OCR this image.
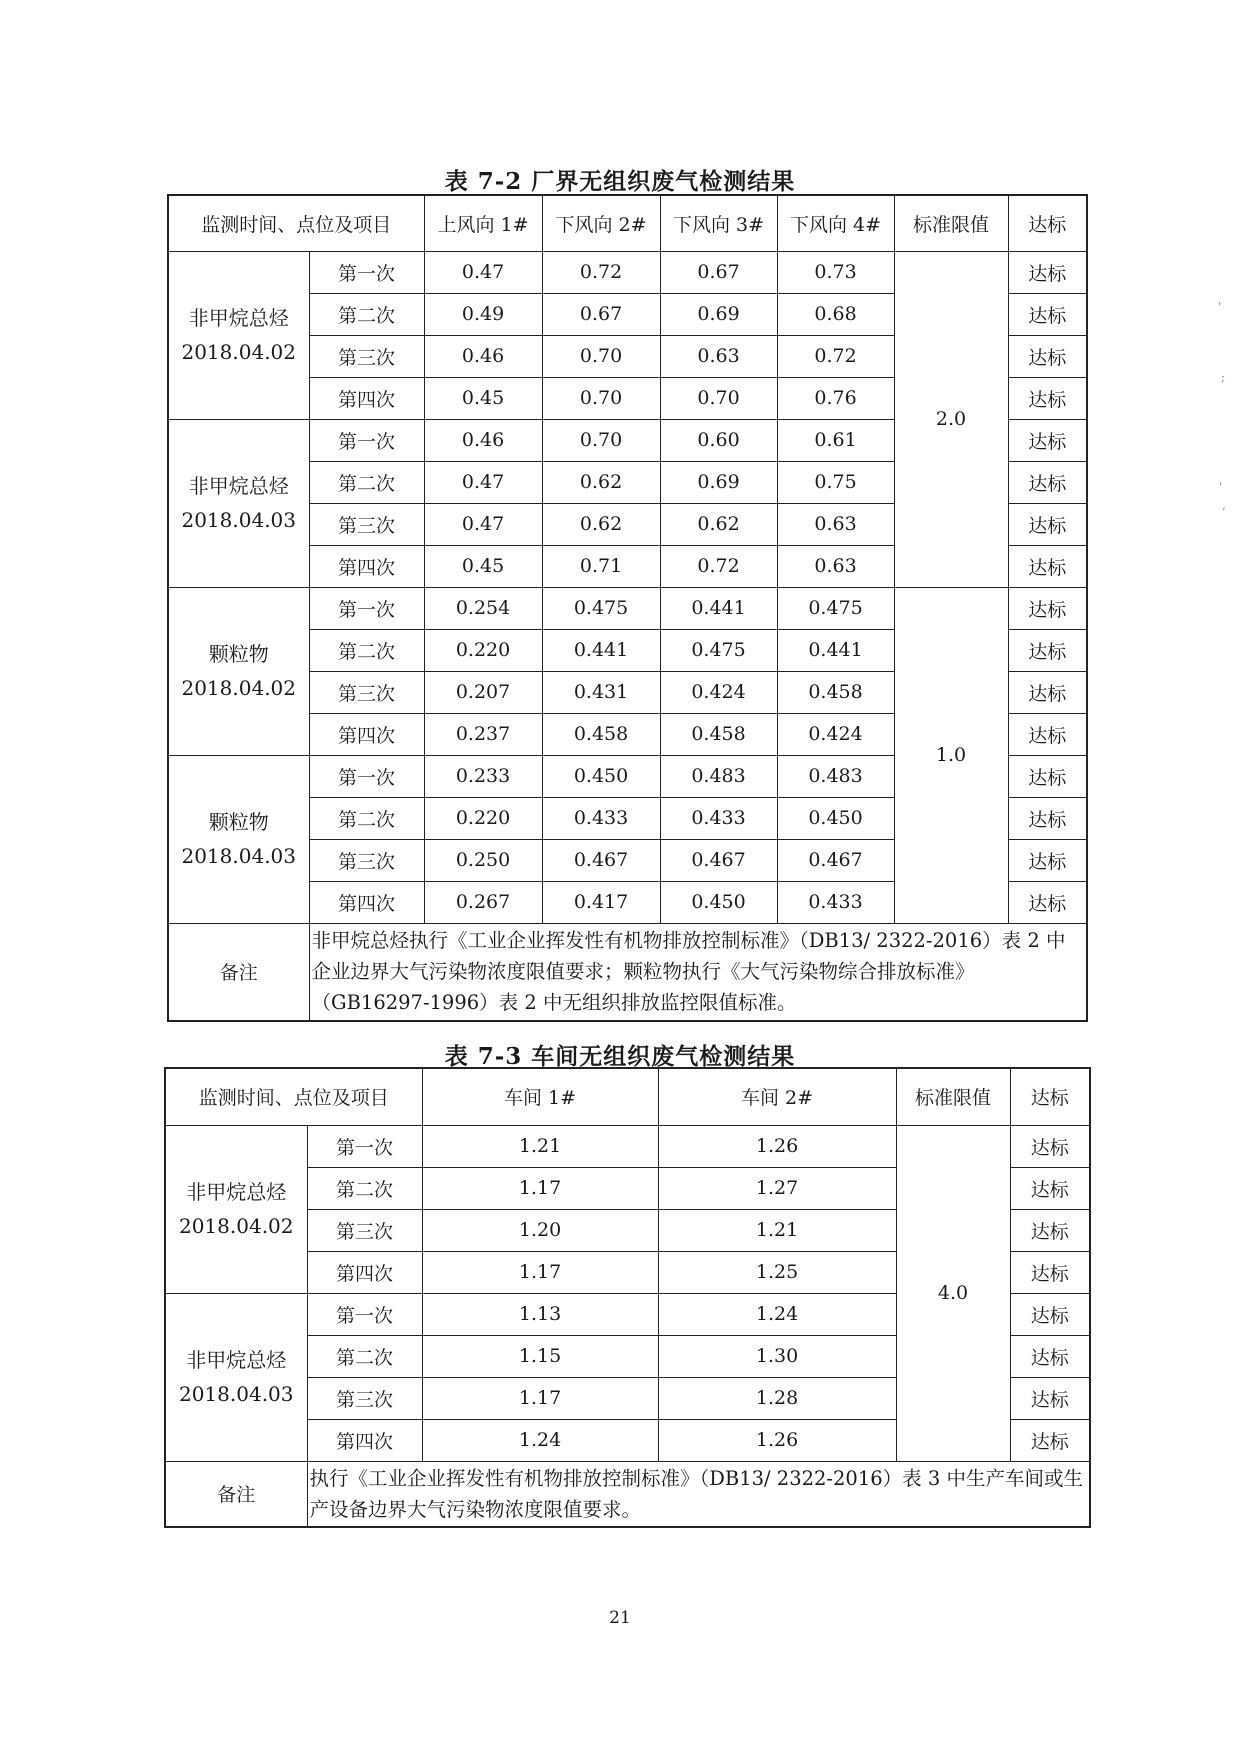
表 7-2 厂界无组织废气检测结果
监测时间、点位及项目		上风向 1#	下风向 2#	下风向 3#	下风向 4#	标准限值	达标

非甲烷总烃
2018.04.02	第一次	0.47	0.72	0.67	0.73	2.0	达标
	第二次	0.49	0.67	0.69	0.68		达标
	第三次	0.46	0.70	0.63	0.72		达标
	第四次	0.45	0.70	0.70	0.76		达标

非甲烷总烃
2018.04.03	第一次	0.46	0.70	0.60	0.61		达标
	第二次	0.47	0.62	0.69	0.75		达标
	第三次	0.47	0.62	0.62	0.63		达标
	第四次	0.45	0.71	0.72	0.63		达标

颗粒物
2018.04.02	第一次	0.254	0.475	0.441	0.475	1.0	达标
	第二次	0.220	0.441	0.475	0.441		达标
	第三次	0.207	0.431	0.424	0.458		达标
	第四次	0.237	0.458	0.458	0.424		达标

颗粒物
2018.04.03	第一次	0.233	0.450	0.483	0.483		达标
	第二次	0.220	0.433	0.433	0.450		达标
	第三次	0.250	0.467	0.467	0.467		达标
	第四次	0.267	0.417	0.450	0.433		达标
备注	非甲烷总烃执行《工业企业挥发性有机物排放控制标准》（DB13/ 2322-2016）表 2 中企业边界大气污染物浓度限值要求；颗粒物执行《大气污染物综合排放标准》（GB16297-1996）表 2 中无组织排放监控限值标准。						
表 7-3 车间无组织废气检测结果
监测时间、点位及项目		车间 1#	车间 2#	标准限值	达标

非甲烷总烃
2018.04.02	第一次	1.21	1.26	4.0	达标
	第二次	1.17	1.27		达标
	第三次	1.20	1.21		达标
	第四次	1.17	1.25		达标

非甲烷总烃
2018.04.03	第一次	1.13	1.24		达标
	第二次	1.15	1.30		达标
	第三次	1.17	1.28		达标
	第四次	1.24	1.26		达标
备注	执行《工业企业挥发性有机物排放控制标准》（DB13/ 2322-2016）表 3 中生产车间或生产设备边界大气污染物浓度限值要求。				
21
'
;
'
,
